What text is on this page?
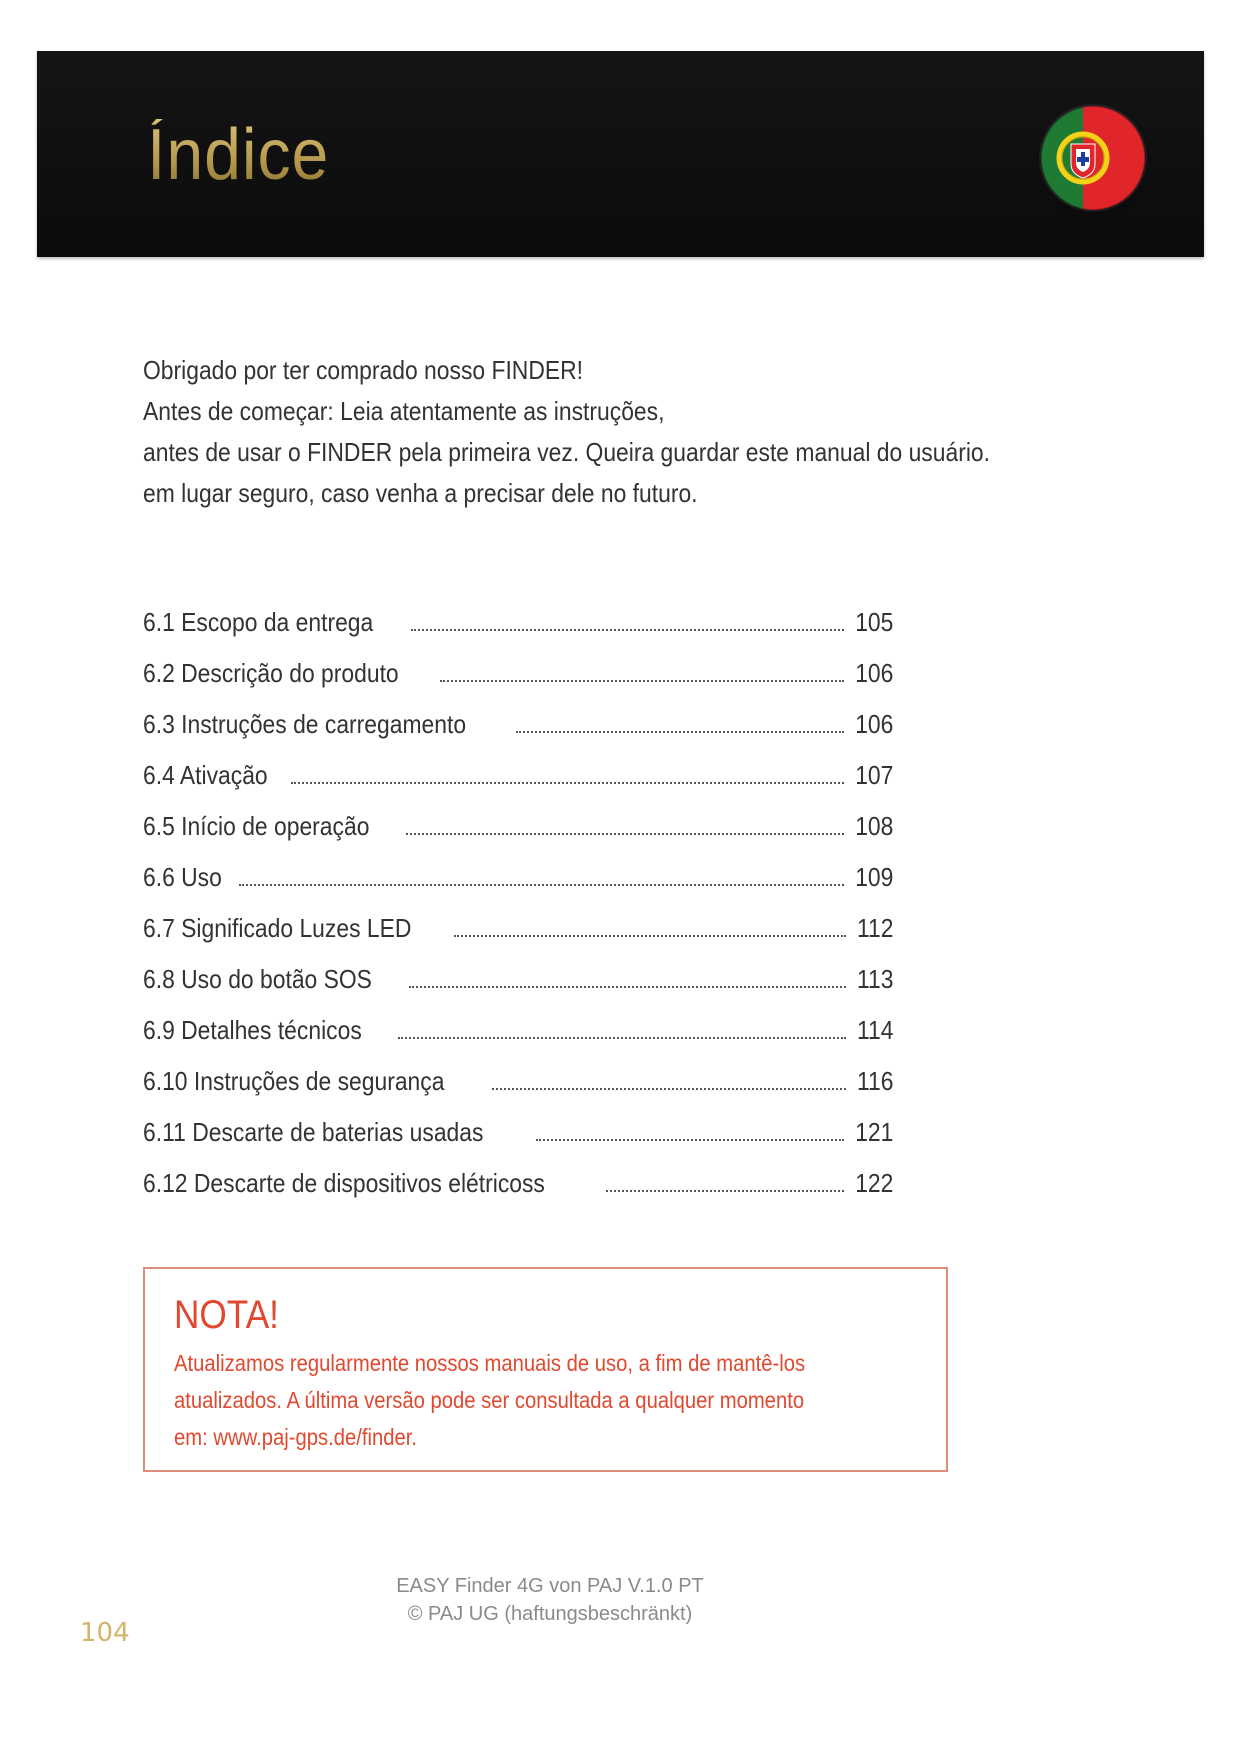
Índice
Obrigado por ter comprado nosso FINDER!
Antes de começar: Leia atentamente as instruções,
antes de usar o FINDER pela primeira vez. Queira guardar este manual do usuário.
em lugar seguro, caso venha a precisar dele no futuro.
6.1 Escopo da entrega	105
6.2 Descrição do produto	106
6.3 Instruções de carregamento	106
6.4 Ativação	107
6.5 Início de operação	108
6.6 Uso	109
6.7 Significado Luzes LED	112
6.8 Uso do botão SOS	113
6.9 Detalhes técnicos	114
6.10 Instruções de segurança	116
6.11 Descarte de baterias usadas	121
6.12 Descarte de dispositivos elétricoss	122
NOTA!
Atualizamos regularmente nossos manuais de uso, a fim de mantê-los
atualizados. A última versão pode ser consultada a qualquer momento
em: www.paj-gps.de/finder.
EASY Finder 4G von PAJ V.1.0 PT
© PAJ UG (haftungsbeschränkt)
104
